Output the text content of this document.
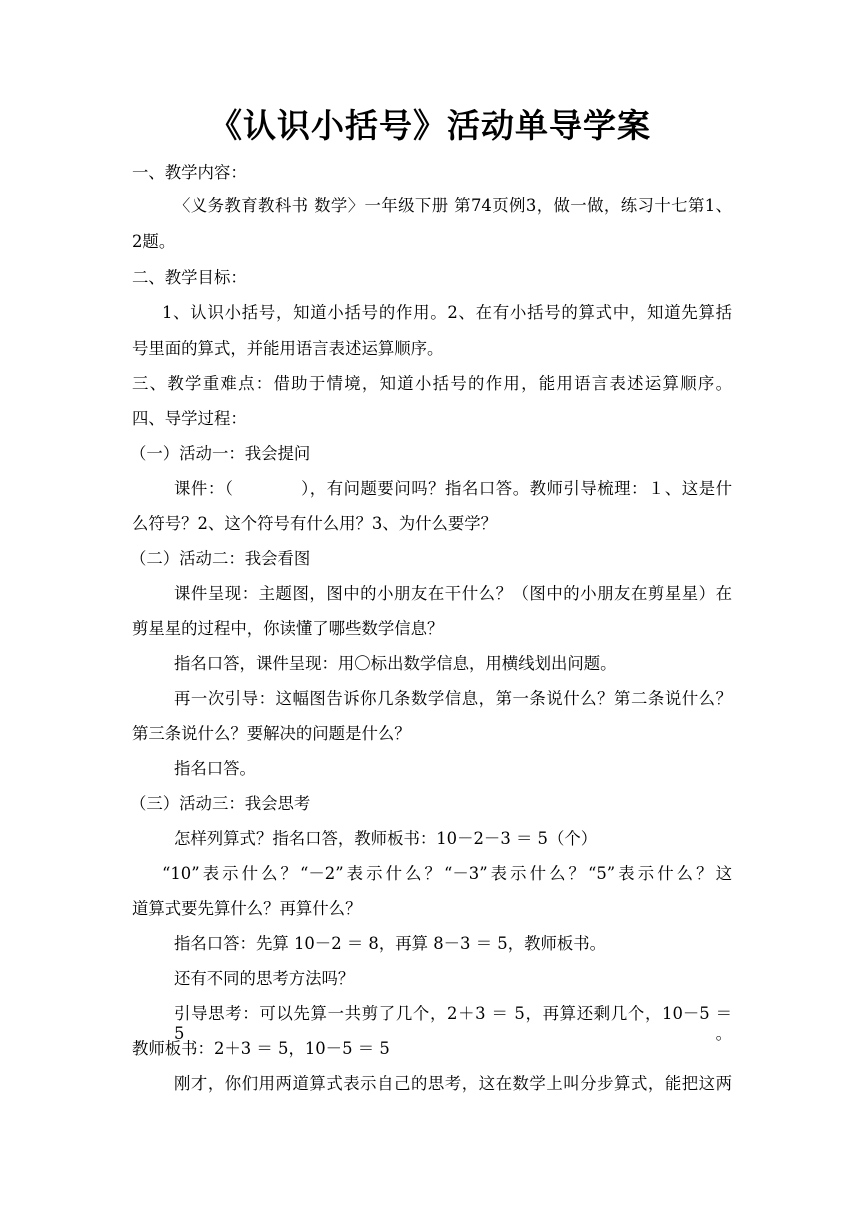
《认识小括号》活动单导学案
一、教学内容：
〈义务教育教科书 数学〉一年级下册 第74页例3，做一做，练习十七第1、
2题。
二、教学目标：
1、认识小括号，知道小括号的作用。2、在有小括号的算式中，知道先算括
号里面的算式，并能用语言表述运算顺序。
三、教学重难点：借助于情境，知道小括号的作用，能用语言表述运算顺序。
四、导学过程：
（一）活动一：我会提问
课件：（　　　　），有问题要问吗？指名口答。教师引导梳理：１、这是什
么符号？2、这个符号有什么用？3、为什么要学？
（二）活动二：我会看图
课件呈现：主题图，图中的小朋友在干什么？（图中的小朋友在剪星星）在
剪星星的过程中，你读懂了哪些数学信息？
指名口答，课件呈现：用〇标出数学信息，用横线划出问题。
再一次引导：这幅图告诉你几条数学信息，第一条说什么？第二条说什么？
第三条说什么？要解决的问题是什么？
指名口答。
（三）活动三：我会思考
怎样列算式？指名口答，教师板书：10－2－3 ＝ 5（个）
“10”表示什么？“－2”表示什么？“－3”表示什么？“5”表示什么？这
道算式要先算什么？再算什么？
指名口答：先算 10－2 ＝ 8，再算 8－3 ＝ 5，教师板书。
还有不同的思考方法吗？
引导思考：可以先算一共剪了几个，2＋3 ＝ 5，再算还剩几个，10－5 ＝ 5。
教师板书：2＋3 ＝ 5，10－5 ＝ 5
刚才，你们用两道算式表示自己的思考，这在数学上叫分步算式，能把这两
